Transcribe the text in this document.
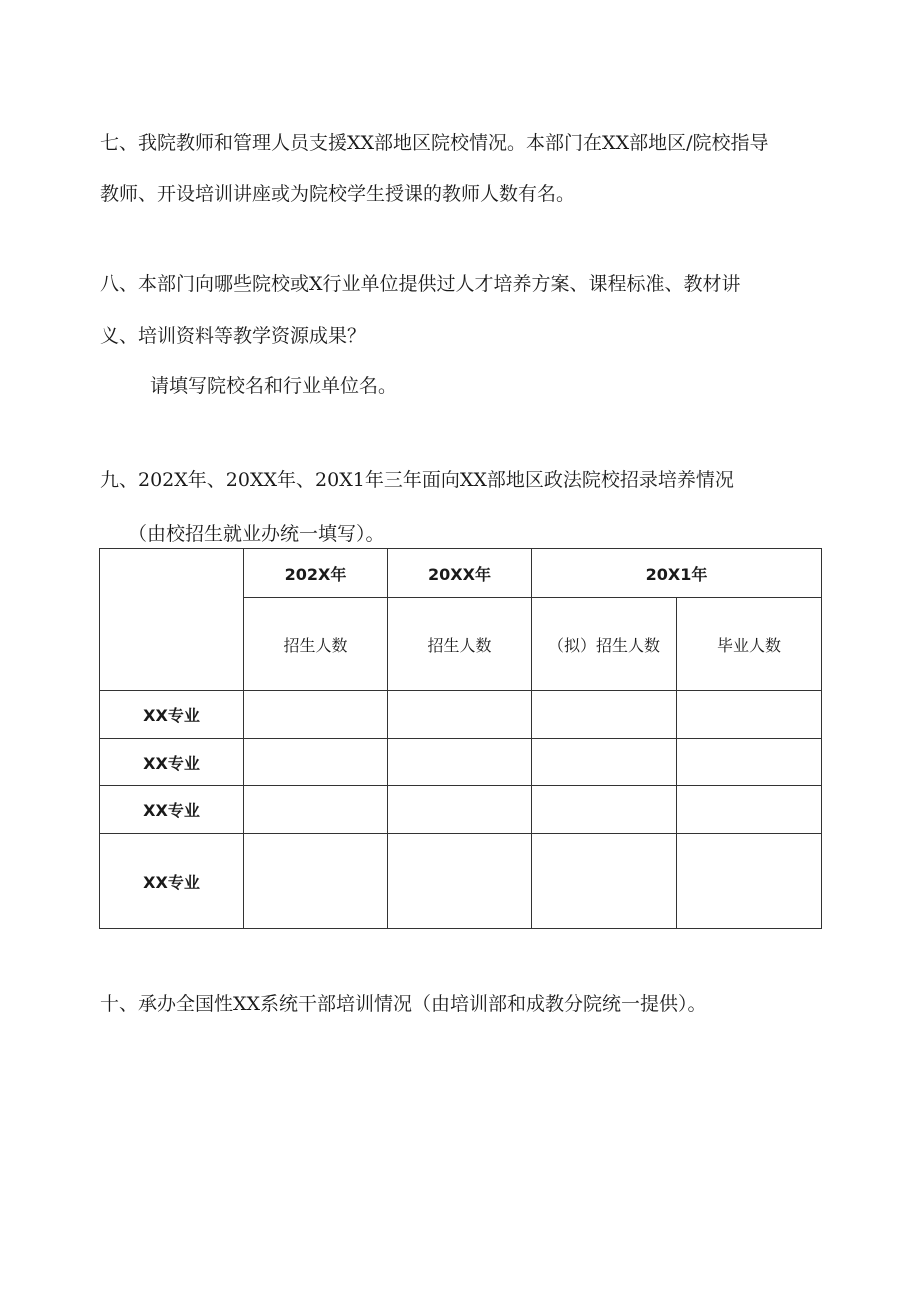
七、我院教师和管理人员支援XX部地区院校情况。本部门在XX部地区/院校指导

教师、开设培训讲座或为院校学生授课的教师人数有名。

八、本部门向哪些院校或X行业单位提供过人才培养方案、课程标准、教材讲

义、培训资料等教学资源成果？

请填写院校名和行业单位名。

九、202X年、20XX年、20X1年三年面向XX部地区政法院校招录培养情况

（由校招生就业办统一填写）。

	202X年	20XX年	20X1年	
	招生人数	招生人数	（拟）招生人数	毕业人数
XX专业				
XX专业				
XX专业				
XX专业				

十、承办全国性XX系统干部培训情况（由培训部和成教分院统一提供）。
